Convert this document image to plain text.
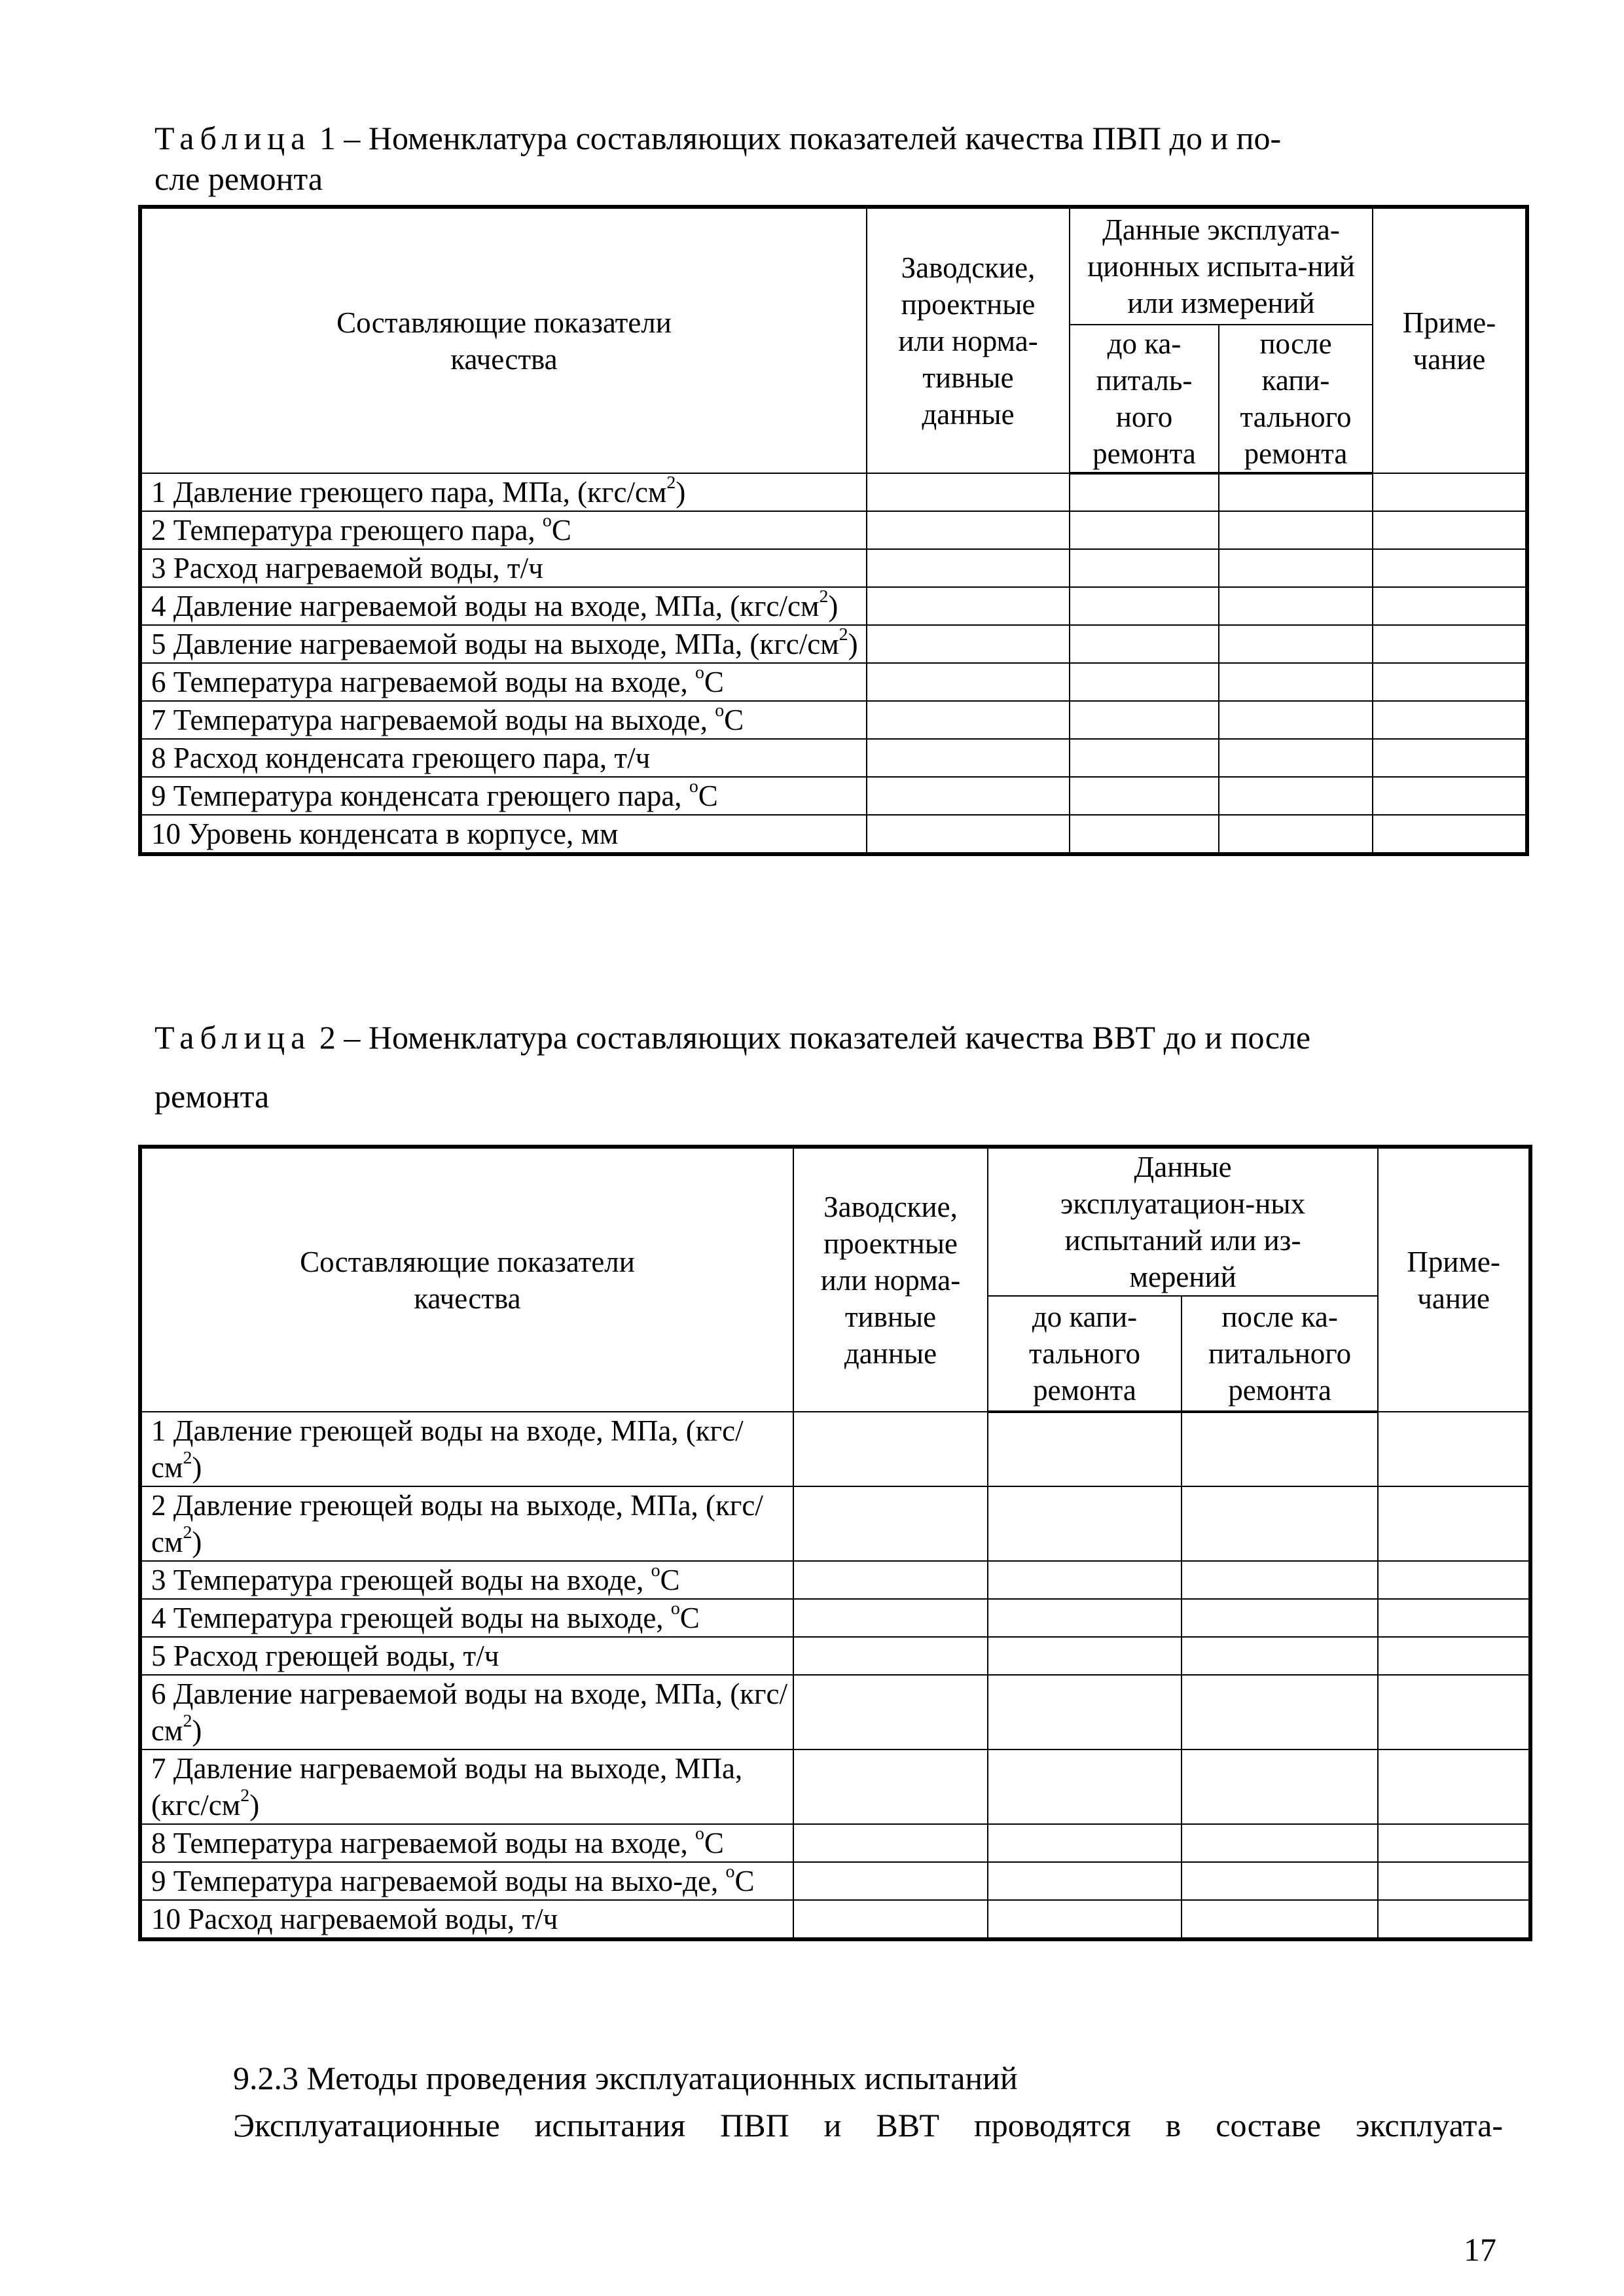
Таблица 1 – Номенклатура составляющих показателей качества ПВП до и по-
сле ремонта
Составляющие показатели качества	Заводские, проектные или норма-тивные данные	Данные эксплуата-ционных испыта-ний или измерений		Приме-чание
		до ка-питаль-ного ремонта	после капи-тального ремонта	
1 Давление греющего пара, МПа, $(кгс/см^2)$				
2 Температура греющего пара, $^о$С				
3 Расход нагреваемой воды, т/ч				
4 Давление нагреваемой воды на входе, МПа, $(кгс/см^2)$				
5 Давление нагреваемой воды на выходе, МПа, $(кгс/см^2)$				
6 Температура нагреваемой воды на входе, $^о$С				
7 Температура нагреваемой воды на выходе, $^о$С				
8 Расход конденсата греющего пара, т/ч				
9 Температура конденсата греющего пара, $^о$С				
10 Уровень конденсата в корпусе, мм				
Таблица 2 – Номенклатура составляющих показателей качества ВВТ до и после
ремонта
Составляющие показатели качества	Заводские, проектные или норма-тивные данные	Данные эксплуатацион-ных испытаний или из-мерений		Приме-чание
		до капи-тального ремонта	после ка-питального ремонта	
1 Давление греющей воды на входе, МПа, $(кгс/см^2)$				
2 Давление греющей воды на выходе, МПа, $(кгс/см^2)$				
3 Температура греющей воды на входе, $^о$С				
4 Температура греющей воды на выходе, $^о$С				
5 Расход греющей воды, т/ч				
6 Давление нагреваемой воды на входе, МПа, $(кгс/см^2)$				
7 Давление нагреваемой воды на выходе, МПа, $(кгс/см^2)$				
8 Температура нагреваемой воды на входе, $^о$С				
9 Температура нагреваемой воды на выхо-де, $^о$С				
10 Расход нагреваемой воды, т/ч				
9.2.3 Методы проведения эксплуатационных испытаний
Эксплуатационные испытания ПВП и ВВТ проводятся в составе эксплуата-
17
